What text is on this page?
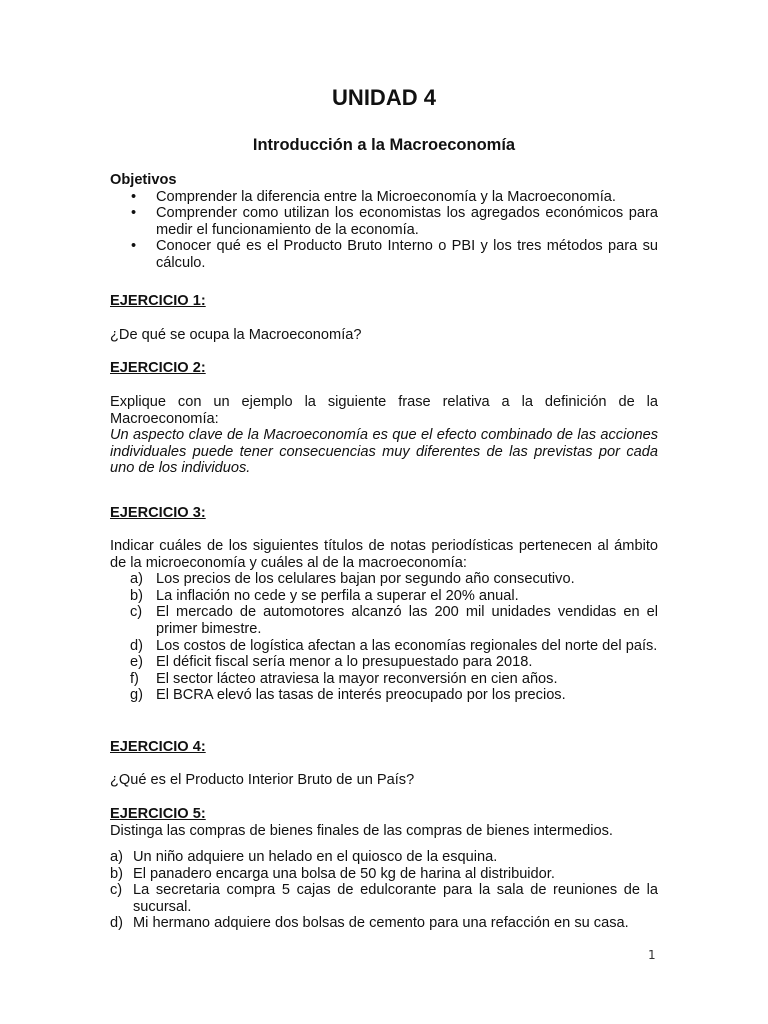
UNIDAD 4
Introducción a la Macroeconomía
Objetivos
• Comprender la diferencia entre la Microeconomía y la Macroeconomía.
• Comprender como utilizan los economistas los agregados económicos para medir el funcionamiento de la economía.
• Conocer qué es el Producto Bruto Interno o PBI y los tres métodos para su cálculo.
EJERCICIO 1:
¿De qué se ocupa la Macroeconomía?
EJERCICIO 2:
Explique con un ejemplo la siguiente frase relativa a la definición de la Macroeconomía:
Un aspecto clave de la Macroeconomía es que el efecto combinado de las acciones individuales puede tener consecuencias muy diferentes de las previstas por cada uno de los individuos.
EJERCICIO 3:
Indicar cuáles de los siguientes títulos de notas periodísticas pertenecen al ámbito de la microeconomía y cuáles al de la macroeconomía:
a) Los precios de los celulares bajan por segundo año consecutivo.
b) La inflación no cede y se perfila a superar el 20% anual.
c) El mercado de automotores alcanzó las 200 mil unidades vendidas en el primer bimestre.
d) Los costos de logística afectan a las economías regionales del norte del país.
e) El déficit fiscal sería menor a lo presupuestado para 2018.
f) El sector lácteo atraviesa la mayor reconversión en cien años.
g) El BCRA elevó las tasas de interés preocupado por los precios.
EJERCICIO 4:
¿Qué es el Producto Interior Bruto de un País?
EJERCICIO 5:
Distinga las compras de bienes finales de las compras de bienes intermedios.
a) Un niño adquiere un helado en el quiosco de la esquina.
b) El panadero encarga una bolsa de 50 kg de harina al distribuidor.
c) La secretaria compra 5 cajas de edulcorante para la sala de reuniones de la sucursal.
d) Mi hermano adquiere dos bolsas de cemento para una refacción en su casa.
1
